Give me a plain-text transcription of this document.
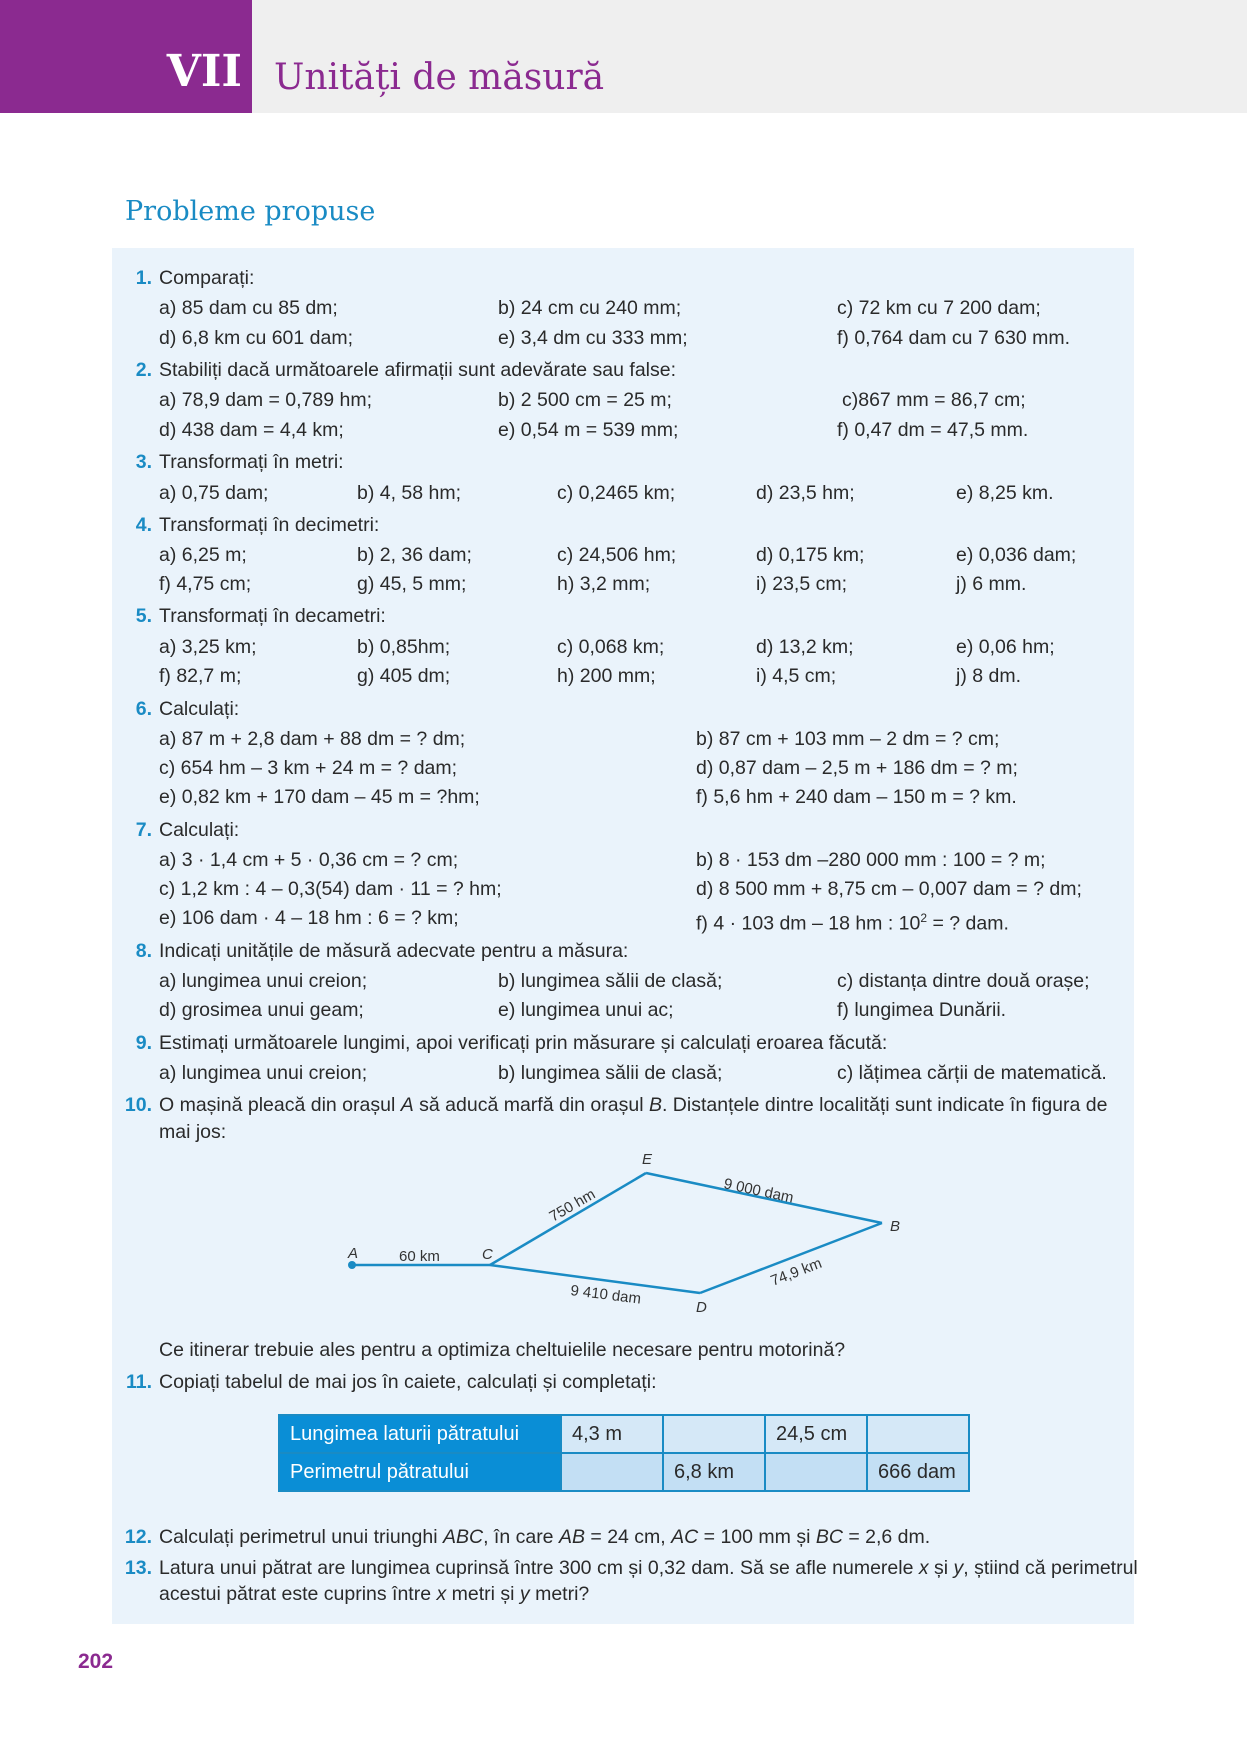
VII Unități de măsură
Probleme propuse
1. Comparați:
a) 85 dam cu 85 dm;	b) 24 cm cu 240 mm;	c) 72 km cu 7 200 dam;
d) 6,8 km cu 601 dam;	e) 3,4 dm cu 333 mm;	f) 0,764 dam cu 7 630 mm.
2. Stabiliți dacă următoarele afirmații sunt adevărate sau false:
a) 78,9 dam = 0,789 hm;	b) 2 500 cm = 25 m;	c)867 mm = 86,7 cm;
d) 438 dam = 4,4 km;	e) 0,54 m = 539 mm;	f) 0,47 dm = 47,5 mm.
3. Transformați în metri:
a) 0,75 dam;	b) 4, 58 hm;	c) 0,2465 km;	d) 23,5 hm;	e) 8,25 km.
4. Transformați în decimetri:
a) 6,25 m;	b) 2, 36 dam;	c) 24,506 hm;	d) 0,175 km;	e) 0,036 dam;
f) 4,75 cm;	g) 45, 5 mm;	h) 3,2 mm;	i) 23,5 cm;	j) 6 mm.
5. Transformați în decametri:
a) 3,25 km;	b) 0,85hm;	c) 0,068 km;	d) 13,2 km;	e) 0,06 hm;
f) 82,7 m;	g) 405 dm;	h) 200 mm;	i) 4,5 cm;	j) 8 dm.
6. Calculați:
a) 87 m + 2,8 dam + 88 dm = ? dm;	b) 87 cm + 103 mm – 2 dm = ? cm;
c) 654 hm – 3 km + 24 m = ? dam;	d) 0,87 dam – 2,5 m + 186 dm = ? m;
e) 0,82 km + 170 dam – 45 m = ?hm;	f) 5,6 hm + 240 dam – 150 m = ? km.
7. Calculați:
a) 3 · 1,4 cm + 5 · 0,36 cm = ? cm;	b) 8 · 153 dm –280 000 mm : 100 = ? m;
c) 1,2 km : 4 – 0,3(54) dam · 11 = ? hm;	d) 8 500 mm + 8,75 cm – 0,007 dam = ? dm;
e) 106 dam · 4 – 18 hm : 6 = ? km;	f) 4 · 103 dm – 18 hm : $10^2$ = ? dam.
8. Indicați unitățile de măsură adecvate pentru a măsura:
a) lungimea unui creion;	b) lungimea sălii de clasă;	c) distanța dintre două orașe;
d) grosimea unui geam;	e) lungimea unui ac;	f) lungimea Dunării.
9. Estimați următoarele lungimi, apoi verificați prin măsurare și calculați eroarea făcută:
a) lungimea unui creion;	b) lungimea sălii de clasă;	c) lățimea cărții de matematică.
10. O mașină pleacă din orașul A să aducă marfă din orașul B. Distanțele dintre localități sunt indicate în figura de
mai jos:
A	C
E
B
D
60 km
750 hm	9 000 dam
9 410 dam
74,9 km
Ce itinerar trebuie ales pentru a optimiza cheltuielile necesare pentru motorină?
11. Copiați tabelul de mai jos în caiete, calculați și completați:
Lungimea laturii pătratului	4,3 m		24,5 cm	
Perimetrul pătratului		6,8 km		666 dam
12. Calculați perimetrul unui triunghi ABC, în care AB = 24 cm, AC = 100 mm și BC = 2,6 dm.
13. Latura unui pătrat are lungimea cuprinsă între 300 cm și 0,32 dam. Să se afle numerele x și y, știind că perimetrul
acestui pătrat este cuprins între x metri și y metri?
202
